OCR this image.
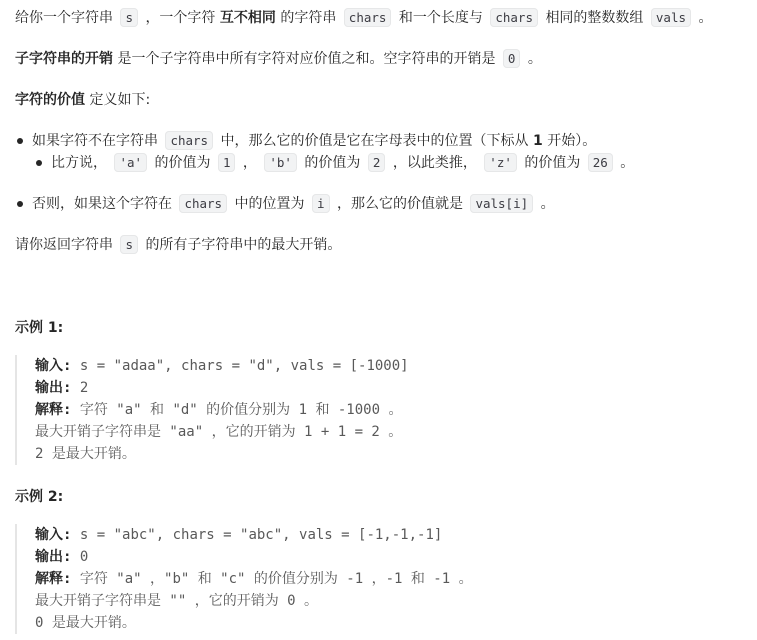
给你一个字符串 s ，一个字符 互不相同 的字符串 chars 和一个长度与 chars 相同的整数数组 vals 。

子字符串的开销 是一个子字符串中所有字符对应价值之和。空字符串的开销是 0 。

字符的价值 定义如下:

如果字符不在字符串 chars 中，那么它的价值是它在字母表中的位置（下标从 1 开始）。
比方说， 'a' 的价值为 1 ， 'b' 的价值为 2 ，以此类推， 'z' 的价值为 26 。
否则，如果这个字符在 chars 中的位置为 i ，那么它的价值就是 vals[i] 。

请你返回字符串 s 的所有子字符串中的最大开销。

示例 1:
输入: s = "adaa", chars = "d", vals = [-1000]
输出: 2
解释: 字符 "a" 和 "d" 的价值分别为 1 和 -1000 。
最大开销子字符串是 "aa" ，它的开销为 1 + 1 = 2 。
2 是最大开销。
示例 2:
输入: s = "abc", chars = "abc", vals = [-1,-1,-1]
输出: 0
解释: 字符 "a" ，"b" 和 "c" 的价值分别为 -1 ，-1 和 -1 。
最大开销子字符串是 "" ，它的开销为 0 。
0 是最大开销。
